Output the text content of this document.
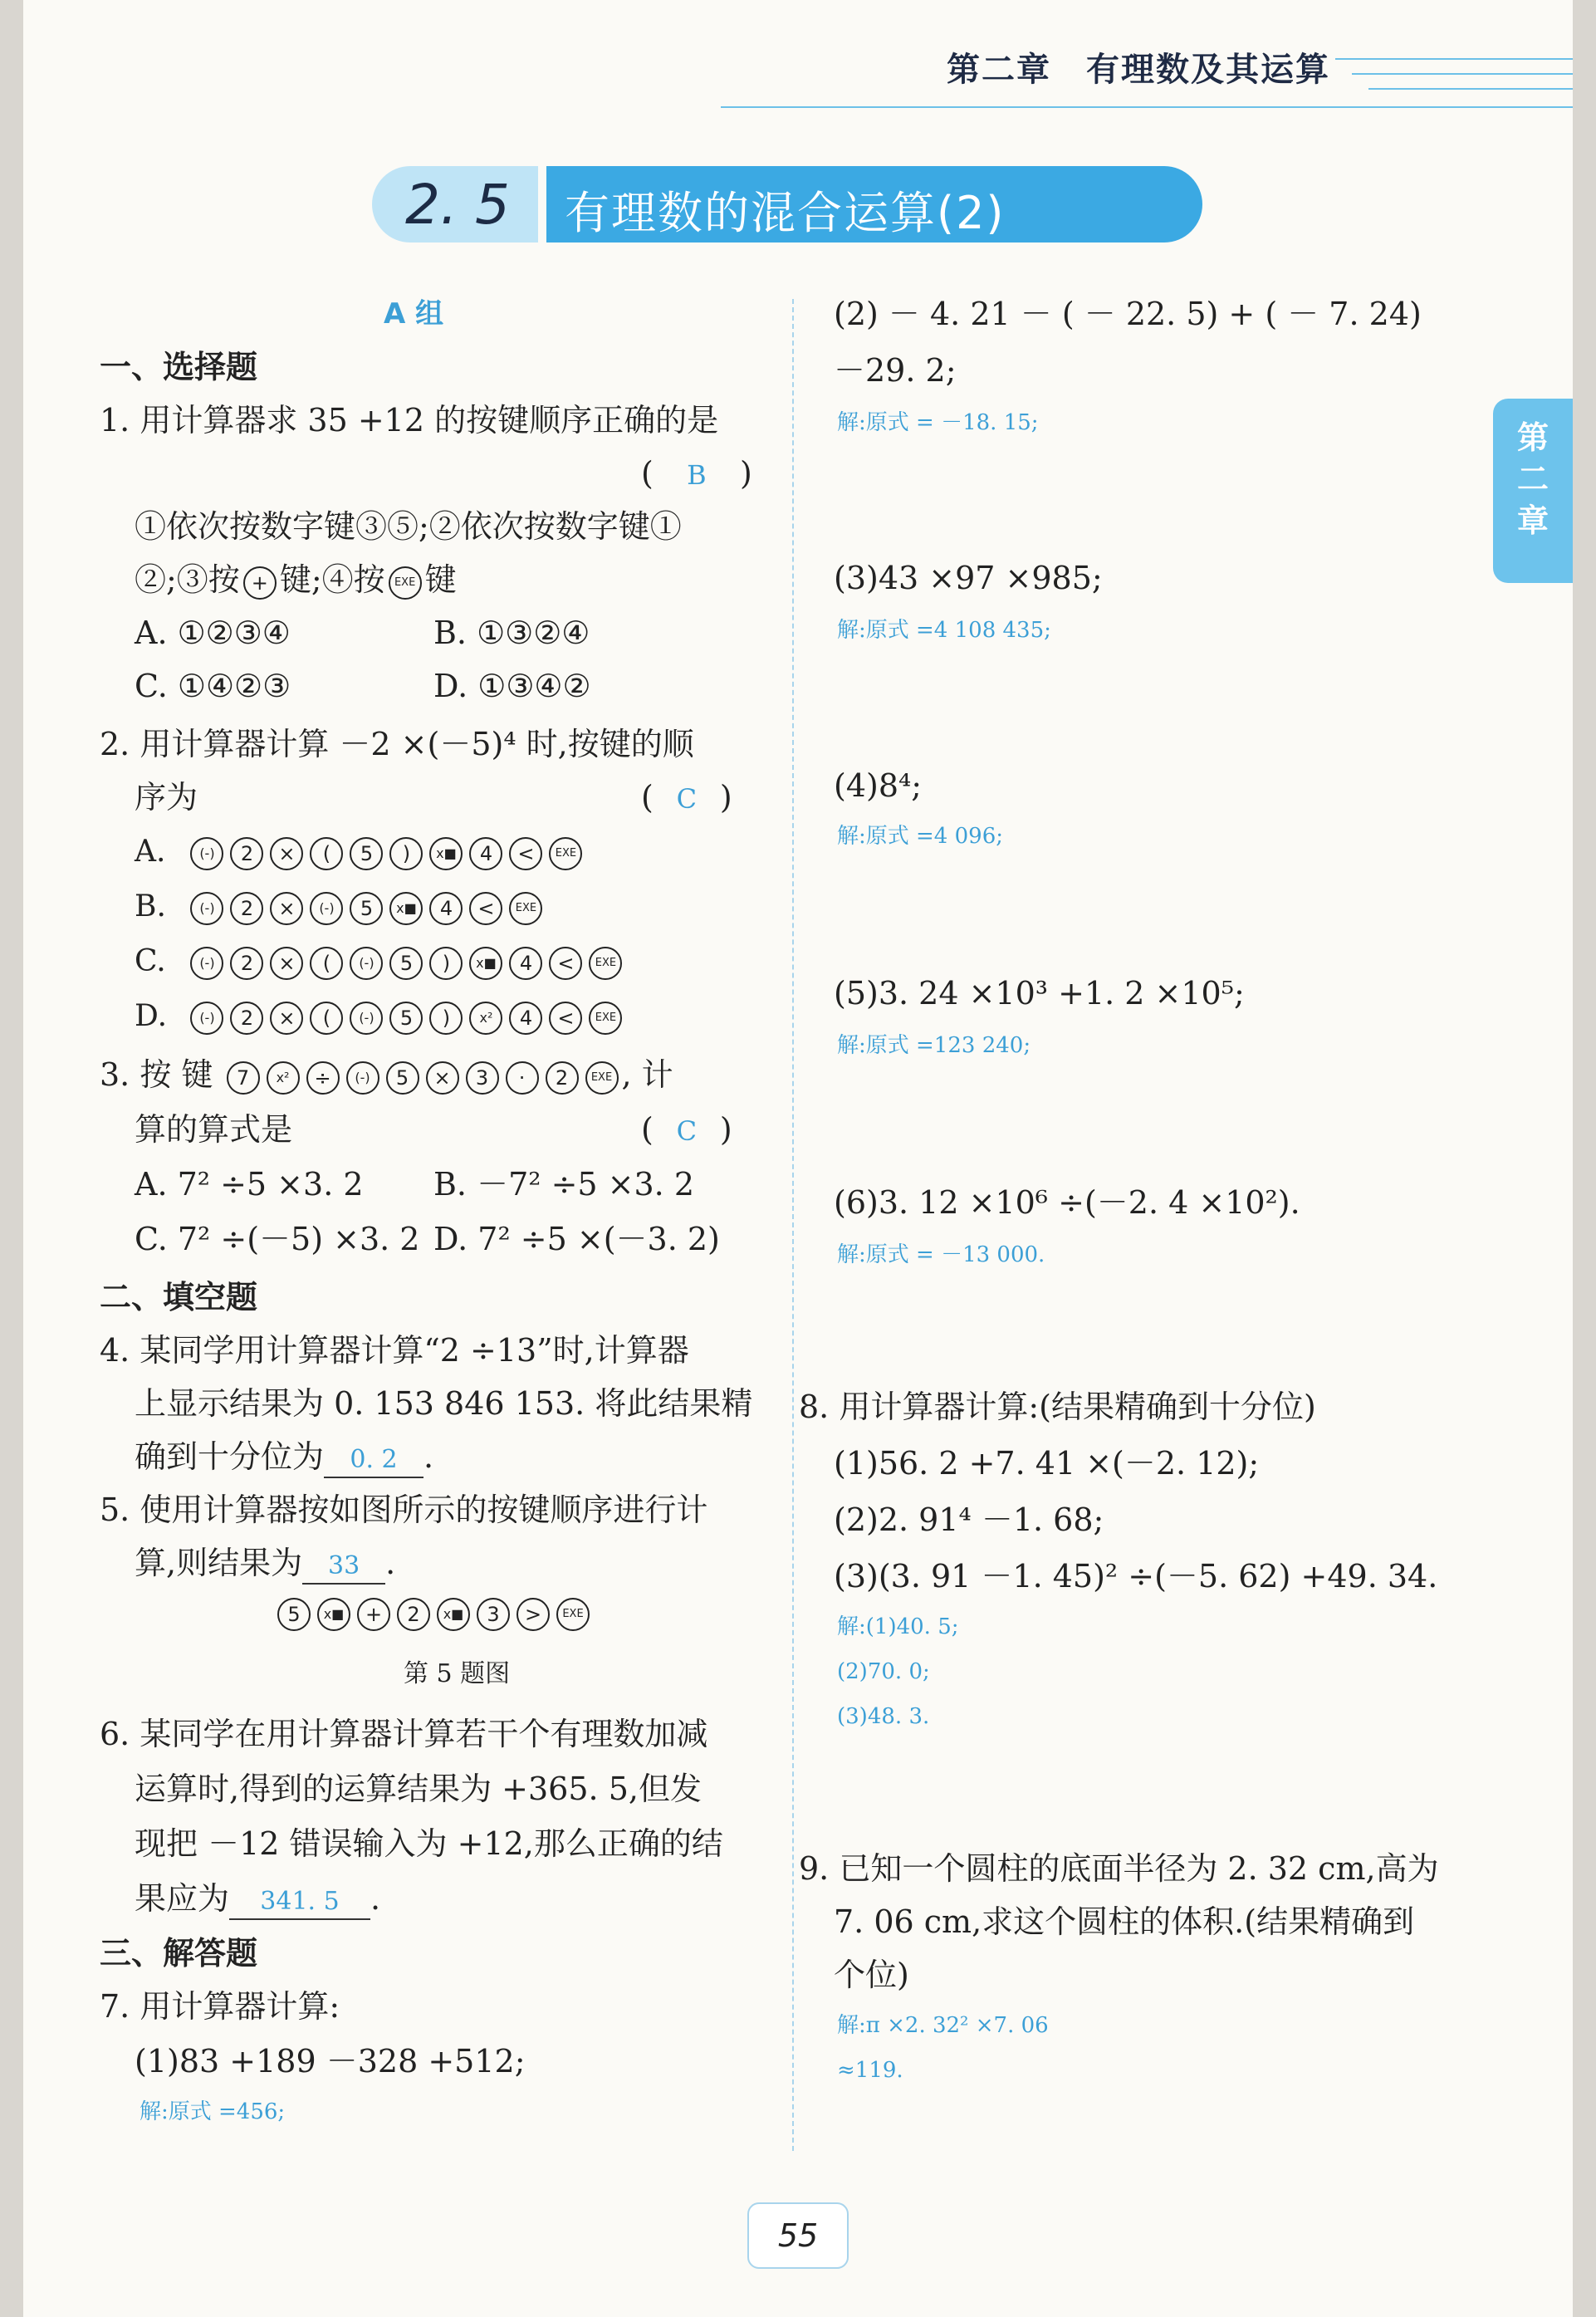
第二章　有理数及其运算
2. 5 有理数的混合运算(2)
第二章
A 组
一、选择题
1. 用计算器求 35 +12 的按键顺序正确的是
( B )
①依次按数字键③⑤;②依次按数字键①
②;③按 + 键;④按 EXE 键
A. ①②③④	B. ①③②④
C. ①④②③	D. ①③④②
2. 用计算器计算 －2 ×(－5)⁴ 时,按键的顺
序为	( C )
A.	(-) 2 × ( 5 ) x■ 4 < EXE
B.	(-) 2 × (-) 5 x■ 4 < EXE
C.	(-) 2 × ( (-) 5 ) x■ 4 < EXE
D. (-) 2 × ( (-) 5 ) x² 4 < EXE
3. 按 键 7 x² ÷ (-) 5 × 3 · 2 EXE , 计
算的算式是	( C )
A. 7² ÷5 ×3. 2 B. －7² ÷5 ×3. 2
C. 7² ÷(－5) ×3. 2 D. 7² ÷5 ×(－3. 2)
二、填空题
4. 某同学用计算器计算“2 ÷13”时,计算器
上显示结果为 0. 153 846 153. 将此结果精
确到十分位为 0. 2 .
5. 使用计算器按如图所示的按键顺序进行计
算,则结果为 33 .
5 x■ + 2 x■ 3 > EXE
第 5 题图
6. 某同学在用计算器计算若干个有理数加减
运算时,得到的运算结果为 +365. 5,但发
现把 －12 错误输入为 +12,那么正确的结
果应为 341. 5 .
三、解答题
7. 用计算器计算:
(1)83 +189 －328 +512;
解:原式 =456;
(2) － 4. 21 － ( － 22. 5) + ( － 7. 24)
－29. 2;
解:原式 = －18. 15;
(3)43 ×97 ×985;
解:原式 =4 108 435;
(4)8⁴;
解:原式 =4 096;
(5)3. 24 ×10³ +1. 2 ×10⁵;
解:原式 =123 240;
(6)3. 12 ×10⁶ ÷(－2. 4 ×10²).
解:原式 = －13 000.
8. 用计算器计算:(结果精确到十分位)
(1)56. 2 +7. 41 ×(－2. 12);
(2)2. 91⁴ －1. 68;
(3)(3. 91 －1. 45)² ÷(－5. 62) +49. 34.
解:(1)40. 5;
(2)70. 0;
(3)48. 3.
9. 已知一个圆柱的底面半径为 2. 32 cm,高为
7. 06 cm,求这个圆柱的体积.(结果精确到
个位)
解:π ×2. 32² ×7. 06
≈119.
55
